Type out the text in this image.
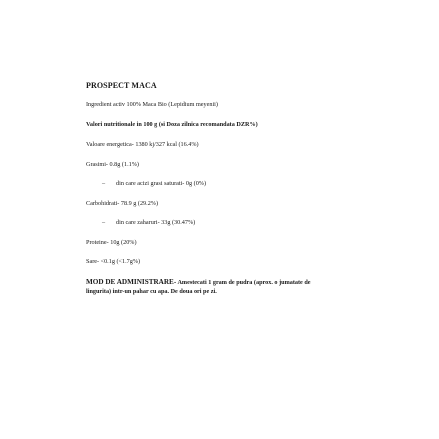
PROSPECT MACA
Ingredient activ 100% Maca Bio (Lepidium meyenii)
Valori nutritionale in 100 g (si Doza zilnica recomandata DZR%)
Valoare energetica- 1380 kj/327 kcal (16.4%)
Grasimi- 0.8g (1.1%)
– din care acizi grasi saturati- 0g (0%)
Carbohidrati- 78.9 g (29.2%)
– din care zaharuri- 33g (30.47%)
Proteine- 10g (20%)
Sare- <0.1g (<1.7g%)
MOD DE ADMINISTRARE- Amestecati 1 gram de pudra (aprox. o jumatate de
lingurita) intr-un pahar cu apa. De doua ori pe zi.
